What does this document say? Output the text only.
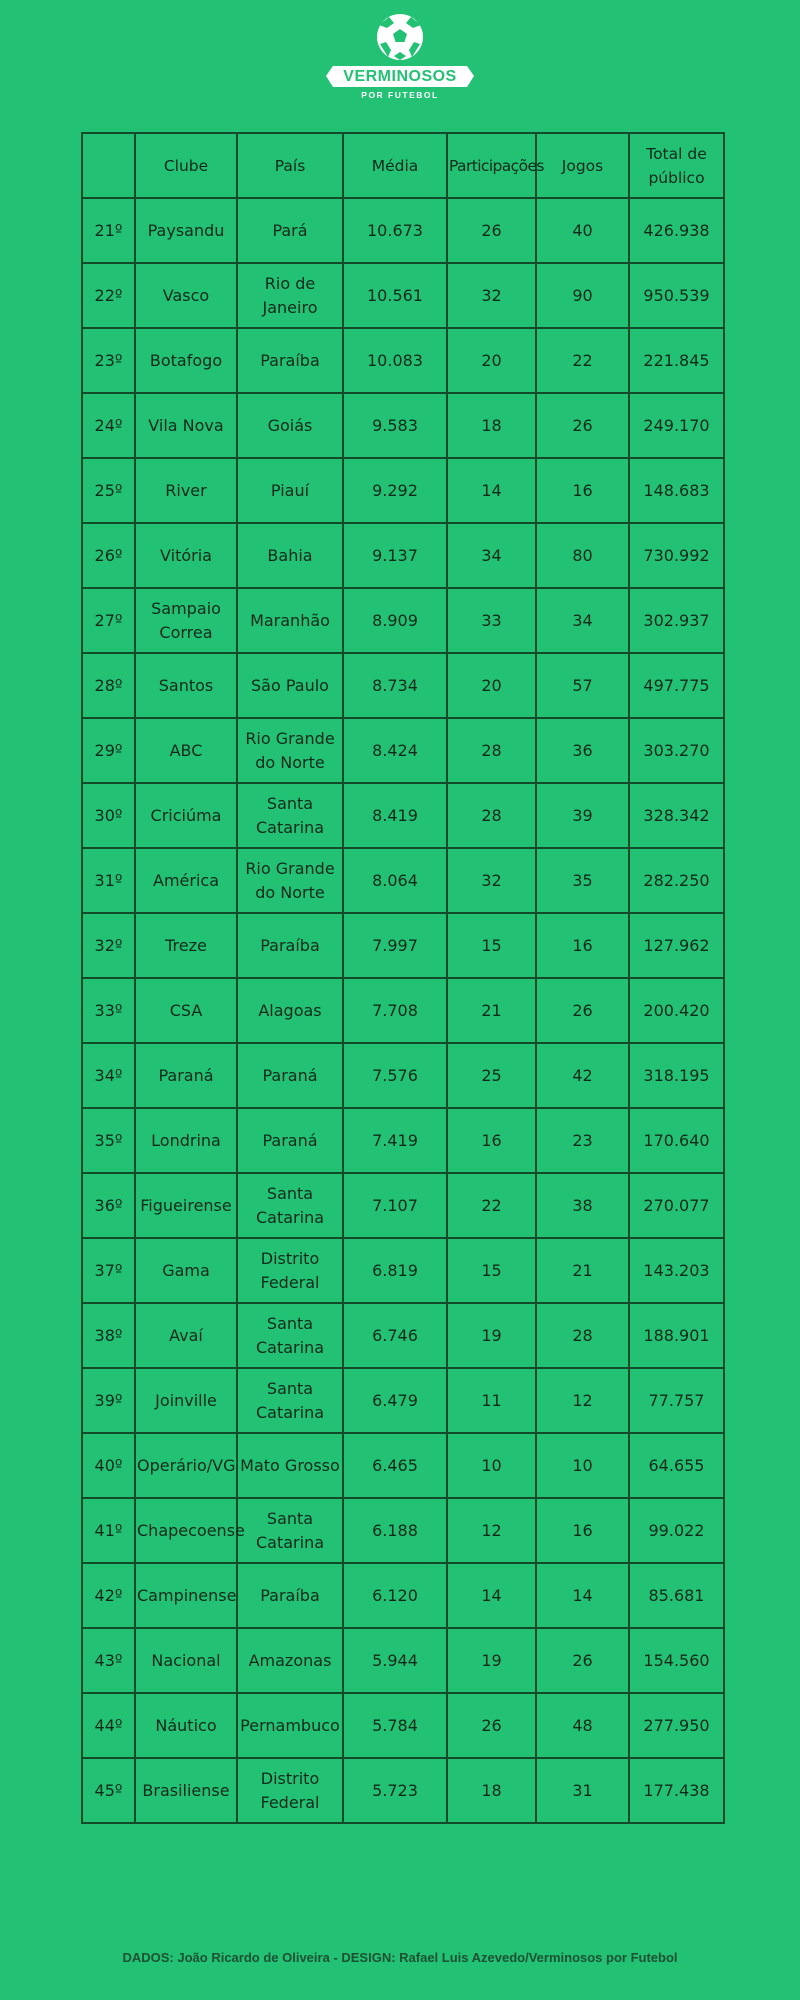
VERMINOSOS
POR FUTEBOL
	Clube	País	Média	Participações	Jogos	Total de público
21º	Paysandu	Pará	10.673	26	40	426.938
22º	Vasco	Rio de Janeiro	10.561	32	90	950.539
23º	Botafogo	Paraíba	10.083	20	22	221.845
24º	Vila Nova	Goiás	9.583	18	26	249.170
25º	River	Piauí	9.292	14	16	148.683
26º	Vitória	Bahia	9.137	34	80	730.992
27º	Sampaio Correa	Maranhão	8.909	33	34	302.937
28º	Santos	São Paulo	8.734	20	57	497.775
29º	ABC	Rio Grande do Norte	8.424	28	36	303.270
30º	Criciúma	Santa Catarina	8.419	28	39	328.342
31º	América	Rio Grande do Norte	8.064	32	35	282.250
32º	Treze	Paraíba	7.997	15	16	127.962
33º	CSA	Alagoas	7.708	21	26	200.420
34º	Paraná	Paraná	7.576	25	42	318.195
35º	Londrina	Paraná	7.419	16	23	170.640
36º	Figueirense	Santa Catarina	7.107	22	38	270.077
37º	Gama	Distrito Federal	6.819	15	21	143.203
38º	Avaí	Santa Catarina	6.746	19	28	188.901
39º	Joinville	Santa Catarina	6.479	11	12	77.757
40º	Operário/VG	Mato Grosso	6.465	10	10	64.655
41º	Chapecoense	Santa Catarina	6.188	12	16	99.022
42º	Campinense	Paraíba	6.120	14	14	85.681
43º	Nacional	Amazonas	5.944	19	26	154.560
44º	Náutico	Pernambuco	5.784	26	48	277.950
45º	Brasiliense	Distrito Federal	5.723	18	31	177.438
DADOS: João Ricardo de Oliveira - DESIGN: Rafael Luis Azevedo/Verminosos por Futebol
